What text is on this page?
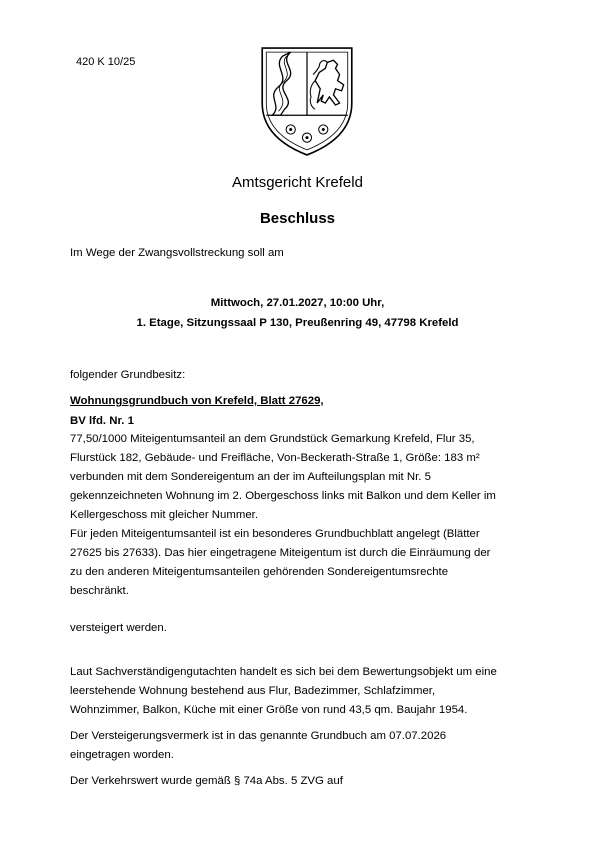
420 K 10/25
Amtsgericht Krefeld
Beschluss
Im Wege der Zwangsvollstreckung soll am
Mittwoch, 27.01.2027, 10:00 Uhr,
1. Etage, Sitzungssaal P 130, Preußenring 49, 47798 Krefeld
folgender Grundbesitz:
Wohnungsgrundbuch von Krefeld, Blatt 27629,
BV lfd. Nr. 1
77,50/1000 Miteigentumsanteil an dem Grundstück Gemarkung Krefeld, Flur 35,
Flurstück 182, Gebäude- und Freifläche, Von-Beckerath-Straße 1, Größe: 183 m²
verbunden mit dem Sondereigentum an der im Aufteilungsplan mit Nr. 5
gekennzeichneten Wohnung im 2. Obergeschoss links mit Balkon und dem Keller im
Kellergeschoss mit gleicher Nummer.
Für jeden Miteigentumsanteil ist ein besonderes Grundbuchblatt angelegt (Blätter
27625 bis 27633). Das hier eingetragene Miteigentum ist durch die Einräumung der
zu den anderen Miteigentumsanteilen gehörenden Sondereigentumsrechte
beschränkt.
versteigert werden.
Laut Sachverständigengutachten handelt es sich bei dem Bewertungsobjekt um eine
leerstehende Wohnung bestehend aus Flur, Badezimmer, Schlafzimmer,
Wohnzimmer, Balkon, Küche mit einer Größe von rund 43,5 qm. Baujahr 1954.
Der Versteigerungsvermerk ist in das genannte Grundbuch am 07.07.2026
eingetragen worden.
Der Verkehrswert wurde gemäß § 74a Abs. 5 ZVG auf
